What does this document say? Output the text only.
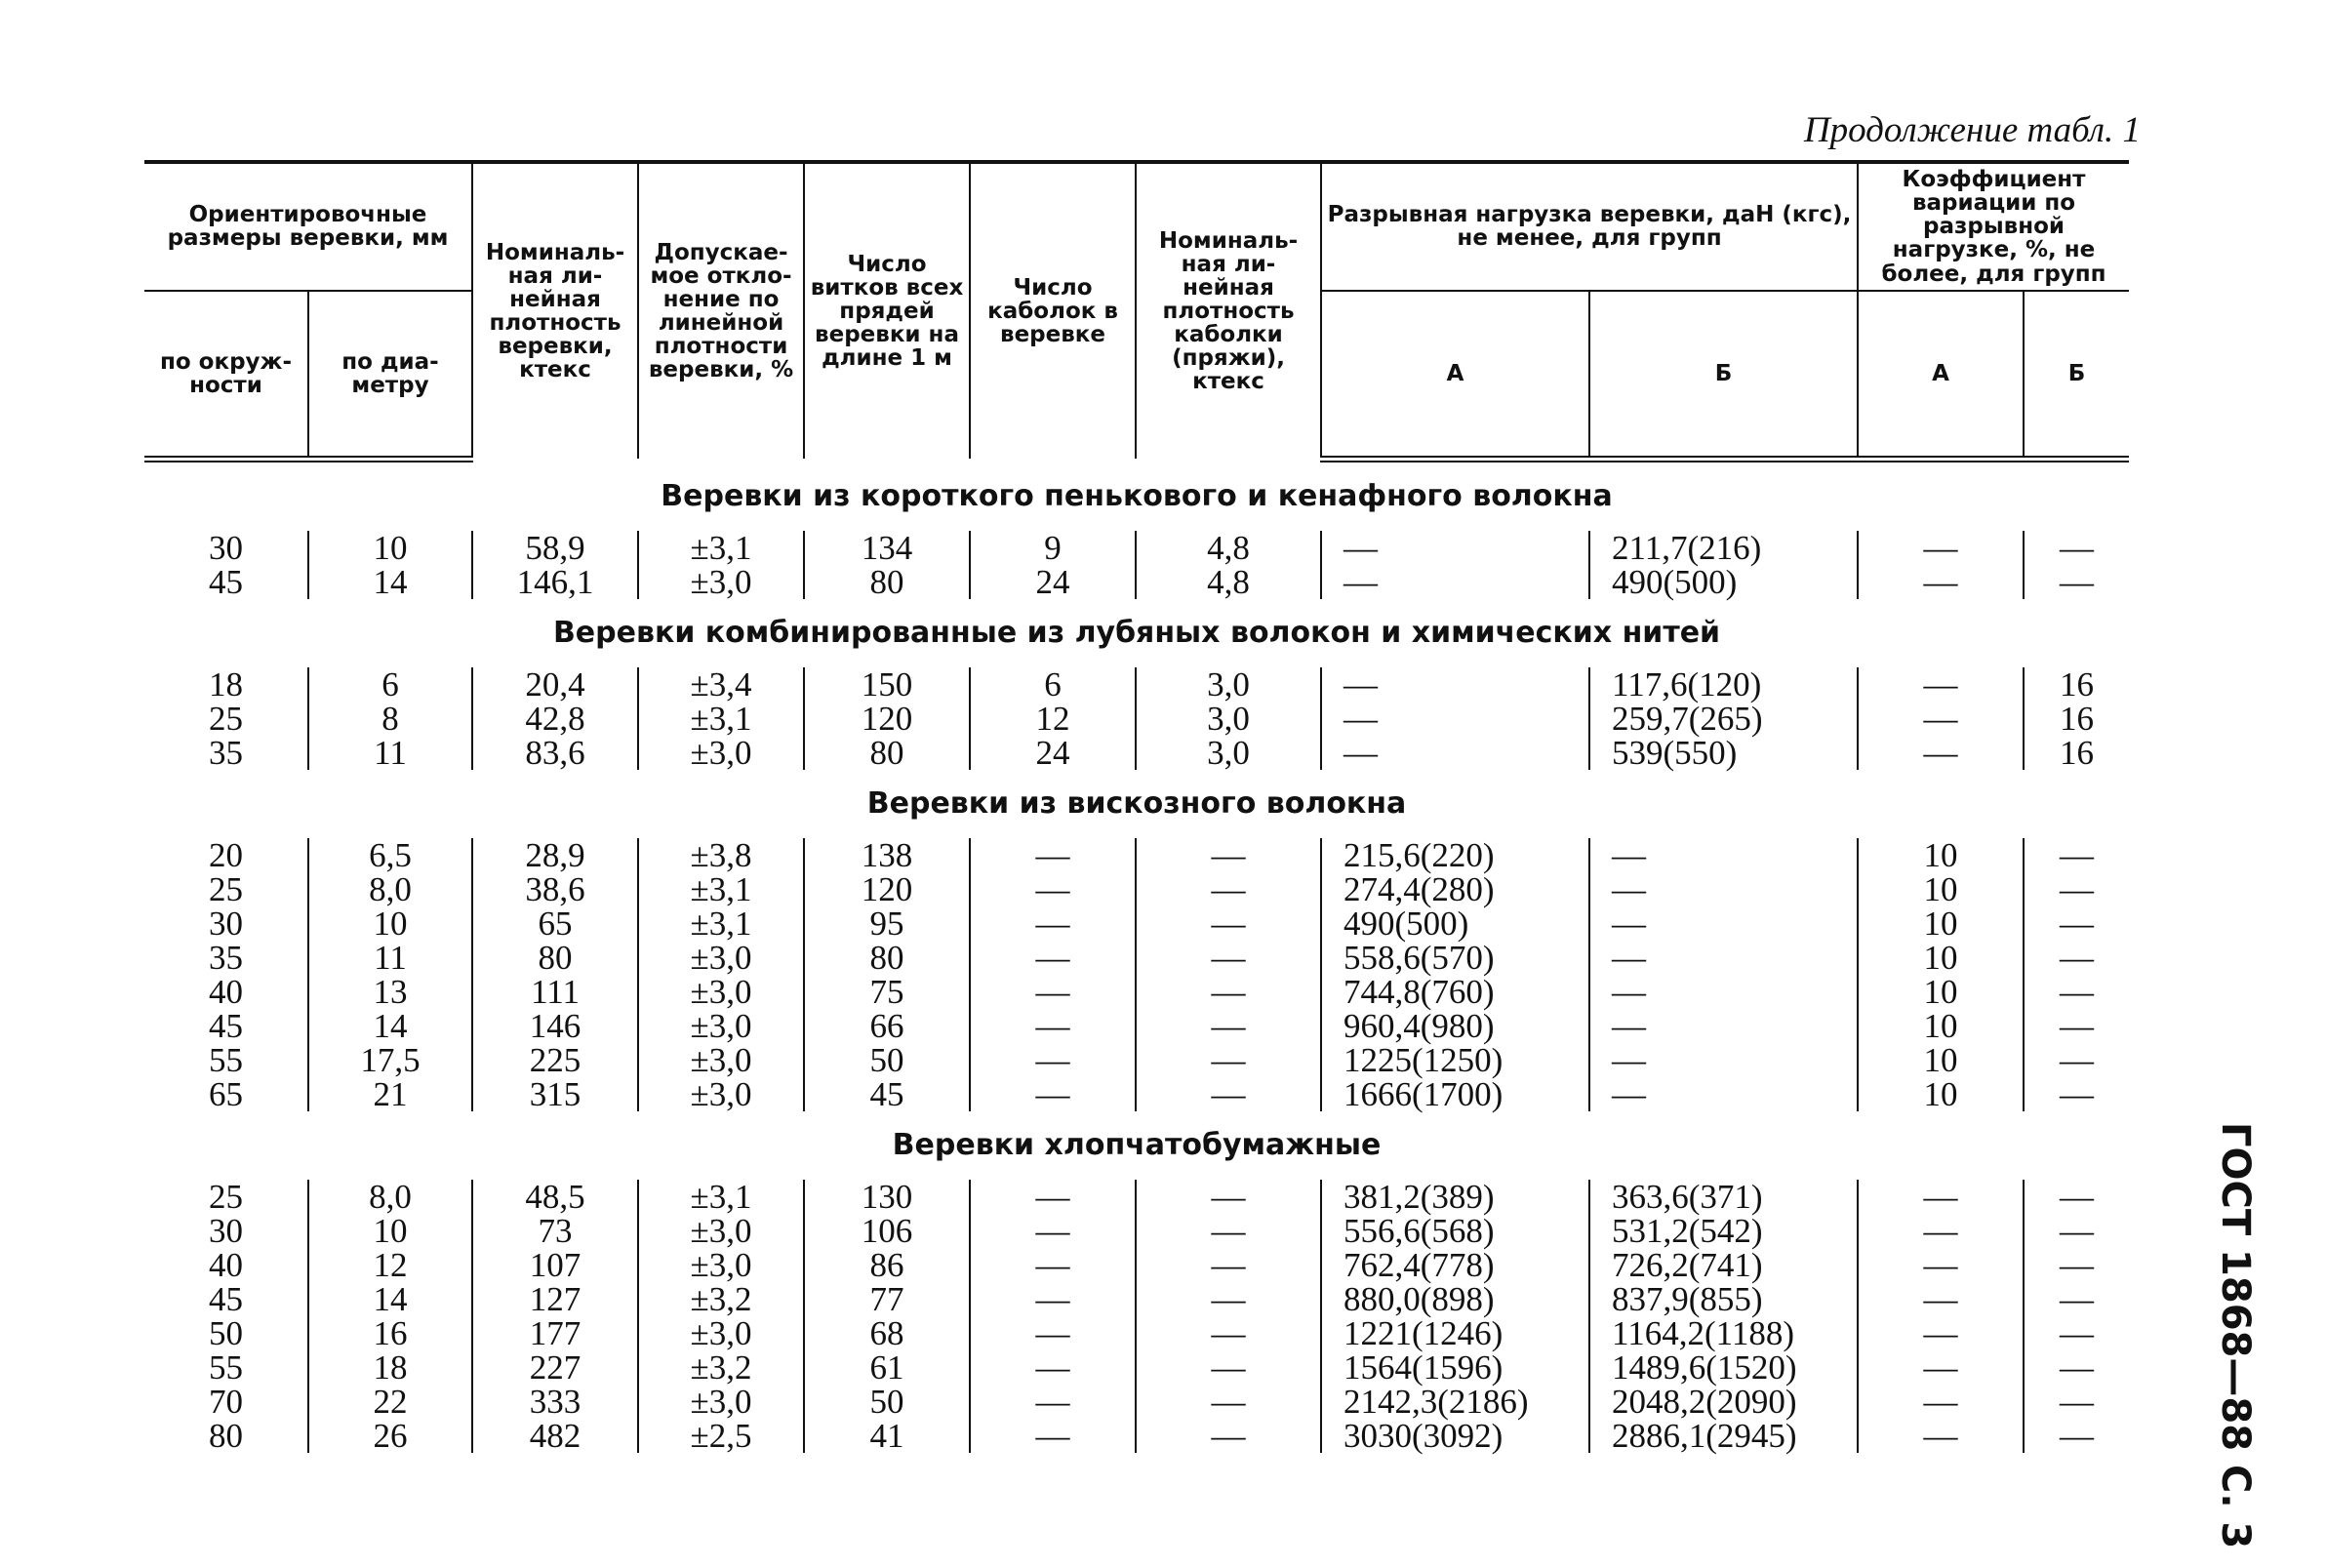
Продолжение табл. 1
Ориентировочные размеры веревки, мм		Номиналь-ная ли-нейная плотность веревки, ктекс	Допускае-мое откло-нение по линейной плотности веревки, %	Число витков всех прядей веревки на длине 1 м	Число каболок в веревке	Номиналь-ная ли-нейная плотность каболки (пряжи), ктекс	Разрывная нагрузка веревки, даН (кгс), не менее, для групп		Коэффициент вариации по разрывной нагрузке, %, не более, для групп	
по окруж-ности	по диа-метру						А	Б	А	Б
Веревки из короткого пенькового и кенафного волокна										
30	10	58,9	±3,1	134	9	4,8	—	211,7(216)	—	—
45	14	146,1	±3,0	80	24	4,8	—	490(500)	—	—
Веревки комбинированные из лубяных волокон и химических нитей										
18	6	20,4	±3,4	150	6	3,0	—	117,6(120)	—	16
25	8	42,8	±3,1	120	12	3,0	—	259,7(265)	—	16
35	11	83,6	±3,0	80	24	3,0	—	539(550)	—	16
Веревки из вискозного волокна										
20	6,5	28,9	±3,8	138	—	—	215,6(220)	—	10	—
25	8,0	38,6	±3,1	120	—	—	274,4(280)	—	10	—
30	10	65	±3,1	95	—	—	490(500)	—	10	—
35	11	80	±3,0	80	—	—	558,6(570)	—	10	—
40	13	111	±3,0	75	—	—	744,8(760)	—	10	—
45	14	146	±3,0	66	—	—	960,4(980)	—	10	—
55	17,5	225	±3,0	50	—	—	1225(1250)	—	10	—
65	21	315	±3,0	45	—	—	1666(1700)	—	10	—
Веревки хлопчатобумажные										
25	8,0	48,5	±3,1	130	—	—	381,2(389)	363,6(371)	—	—
30	10	73	±3,0	106	—	—	556,6(568)	531,2(542)	—	—
40	12	107	±3,0	86	—	—	762,4(778)	726,2(741)	—	—
45	14	127	±3,2	77	—	—	880,0(898)	837,9(855)	—	—
50	16	177	±3,0	68	—	—	1221(1246)	1164,2(1188)	—	—
55	18	227	±3,2	61	—	—	1564(1596)	1489,6(1520)	—	—
70	22	333	±3,0	50	—	—	2142,3(2186)	2048,2(2090)	—	—
80	26	482	±2,5	41	—	—	3030(3092)	2886,1(2945)	—	—	ГОСТ 1868—88 С. 3
